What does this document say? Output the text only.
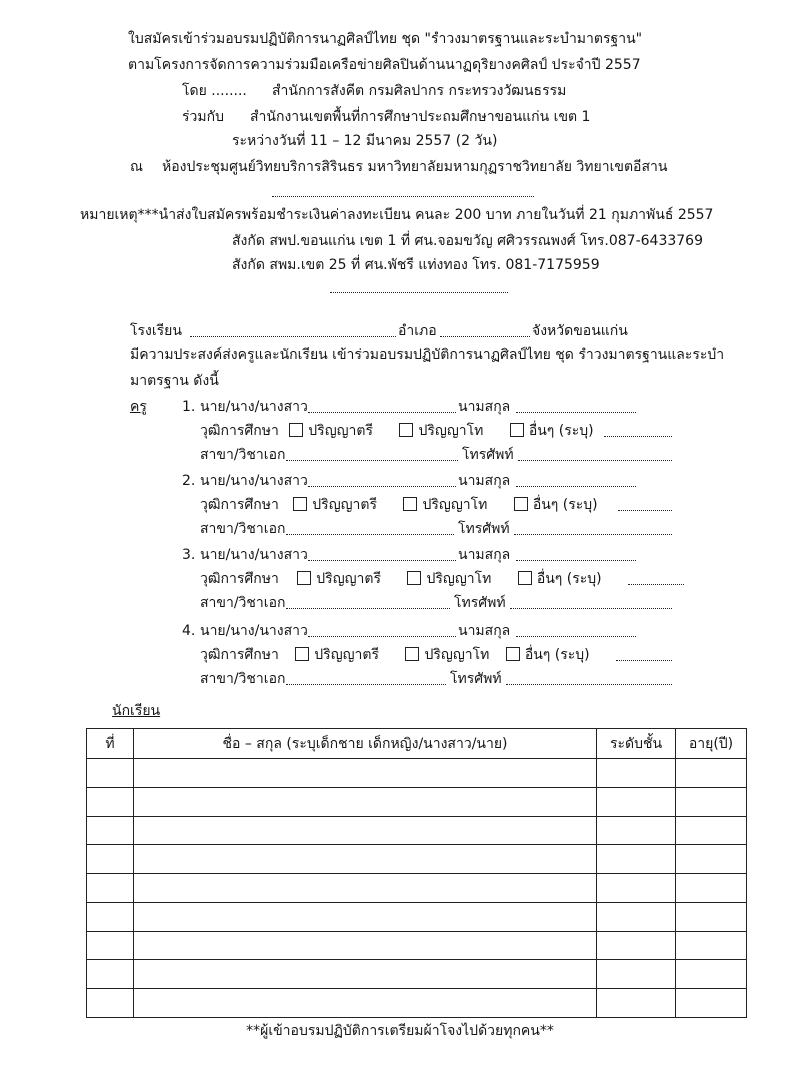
ใบสมัครเข้าร่วมอบรมปฏิบัติการนาฏศิลป์ไทย ชุด "รำวงมาตรฐานและระบำมาตรฐาน"
ตามโครงการจัดการความร่วมมือเครือข่ายศิลปินด้านนาฏดุริยางคศิลป์ ประจำปี 2557
โดย ........ สำนักการสังคีต กรมศิลปากร กระทรวงวัฒนธรรม
ร่วมกับ สำนักงานเขตพื้นที่การศึกษาประถมศึกษาขอนแก่น เขต 1
ระหว่างวันที่ 11 – 12 มีนาคม 2557 (2 วัน)
ณ ห้องประชุมศูนย์วิทยบริการสิรินธร มหาวิทยาลัยมหามกุฏราชวิทยาลัย วิทยาเขตอีสาน
หมายเหตุ***นำส่งใบสมัครพร้อมชำระเงินค่าลงทะเบียน คนละ 200 บาท ภายในวันที่ 21 กุมภาพันธ์ 2557
สังกัด สพป.ขอนแก่น เขต 1 ที่ ศน.จอมขวัญ ศศิวรรณพงศ์ โทร.087-6433769
สังกัด สพม.เขต 25 ที่ ศน.พัชรี แท่งทอง โทร. 081-7175959
โรงเรียน	อำเภอ	จังหวัดขอนแก่น
มีความประสงค์ส่งครูและนักเรียน เข้าร่วมอบรมปฏิบัติการนาฏศิลป์ไทย ชุด รำวงมาตรฐานและระบำ
มาตรฐาน ดังนี้
ครู	1. นาย/นาง/นางสาว	นามสกุล
วุฒิการศึกษา ปริญญาตรี	ปริญญาโท	อื่นๆ (ระบุ)
สาขา/วิชาเอก	โทรศัพท์
2. นาย/นาง/นางสาว	นามสกุล
วุฒิการศึกษา ปริญญาตรี	ปริญญาโท	อื่นๆ (ระบุ)
สาขา/วิชาเอก	โทรศัพท์
3. นาย/นาง/นางสาว	นามสกุล
วุฒิการศึกษา	ปริญญาตรี	ปริญญาโท	อื่นๆ (ระบุ)
สาขา/วิชาเอก	โทรศัพท์
4. นาย/นาง/นางสาว	นามสกุล
วุฒิการศึกษา	ปริญญาตรี	ปริญญาโท	อื่นๆ (ระบุ)
สาขา/วิชาเอก	โทรศัพท์
นักเรียน
ที่	ชื่อ – สกุล (ระบุเด็กชาย เด็กหญิง/นางสาว/นาย)	ระดับชั้น	อายุ(ปี)

**ผู้เข้าอบรมปฏิบัติการเตรียมผ้าโจงไปด้วยทุกคน**
